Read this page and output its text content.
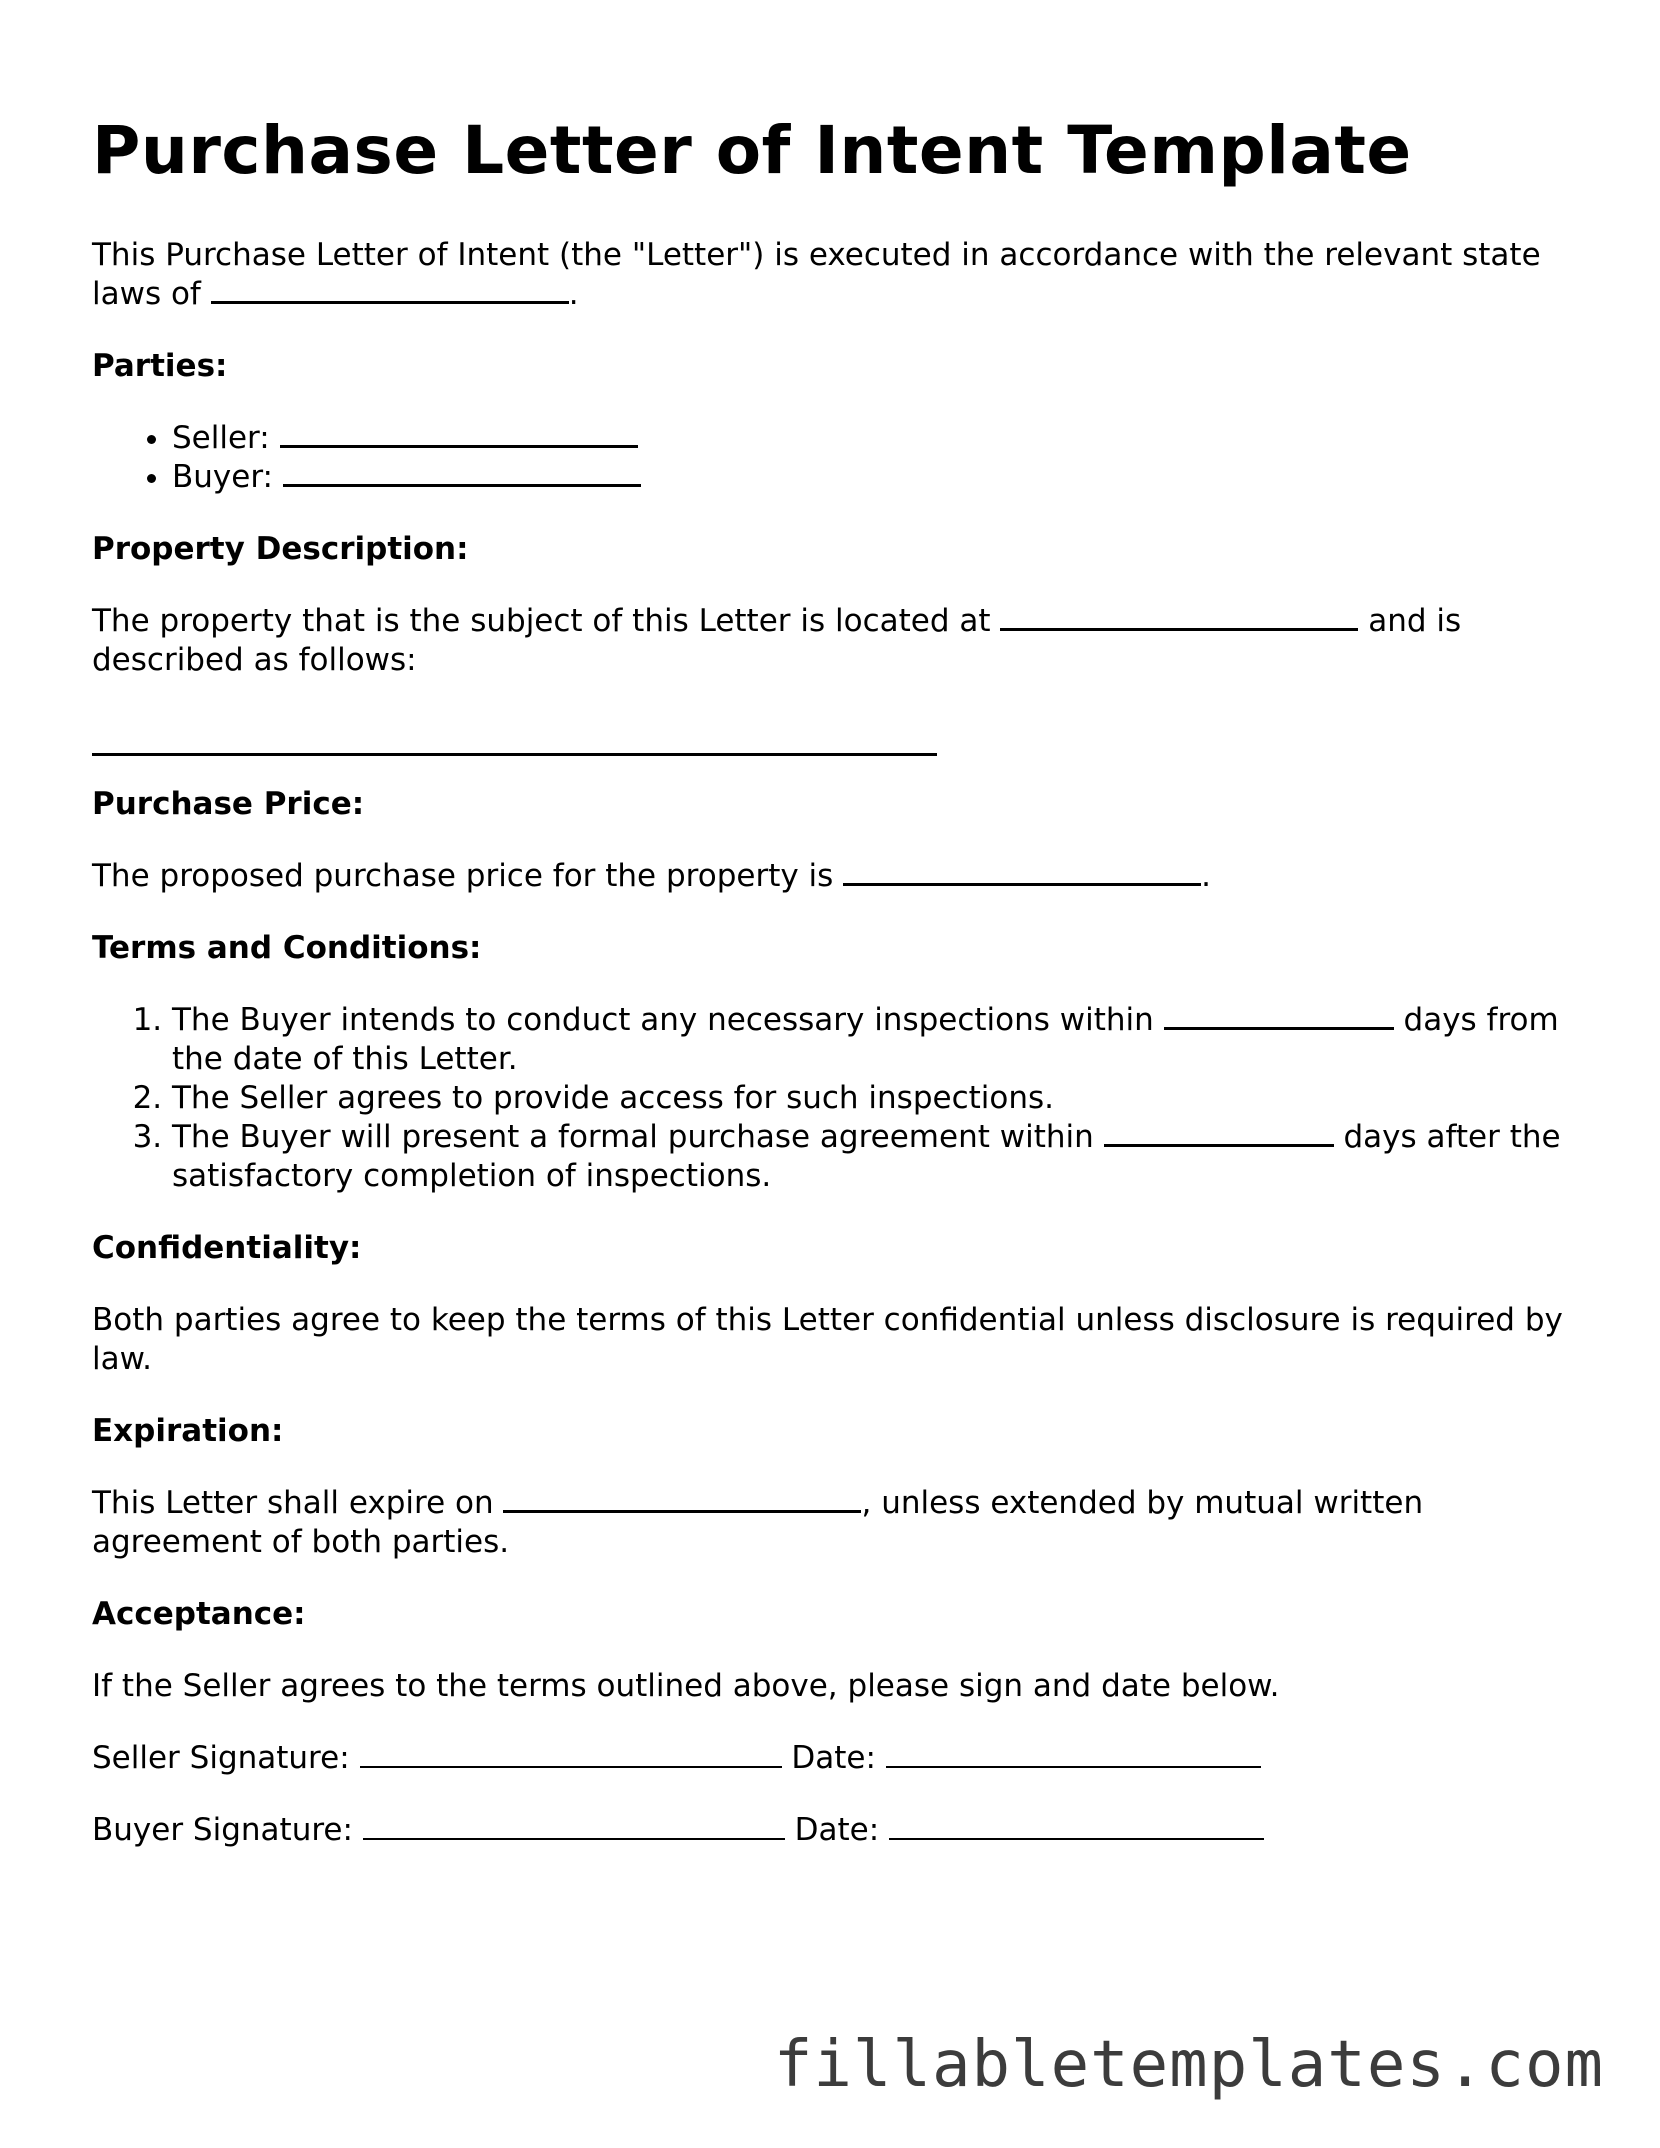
Purchase Letter of Intent Template

This Purchase Letter of Intent (the "Letter") is executed in accordance with the relevant state laws of	.

Parties:
• Seller:
• Buyer:
Property Description:

The property that is the subject of this Letter is located at	and is described as follows:

Purchase Price:

The proposed purchase price for the property is	.

Terms and Conditions:
1. The Buyer intends to conduct any necessary inspections within	days from the date of this Letter.
2. The Seller agrees to provide access for such inspections.
3. The Buyer will present a formal purchase agreement within	days after the satisfactory completion of inspections.
Confidentiality:

Both parties agree to keep the terms of this Letter confidential unless disclosure is required by law.

Expiration:

This Letter shall expire on	, unless extended by mutual written agreement of both parties.

Acceptance:

If the Seller agrees to the terms outlined above, please sign and date below.

Seller Signature:	Date:

Buyer Signature:	Date:

fillabletemplates.com
